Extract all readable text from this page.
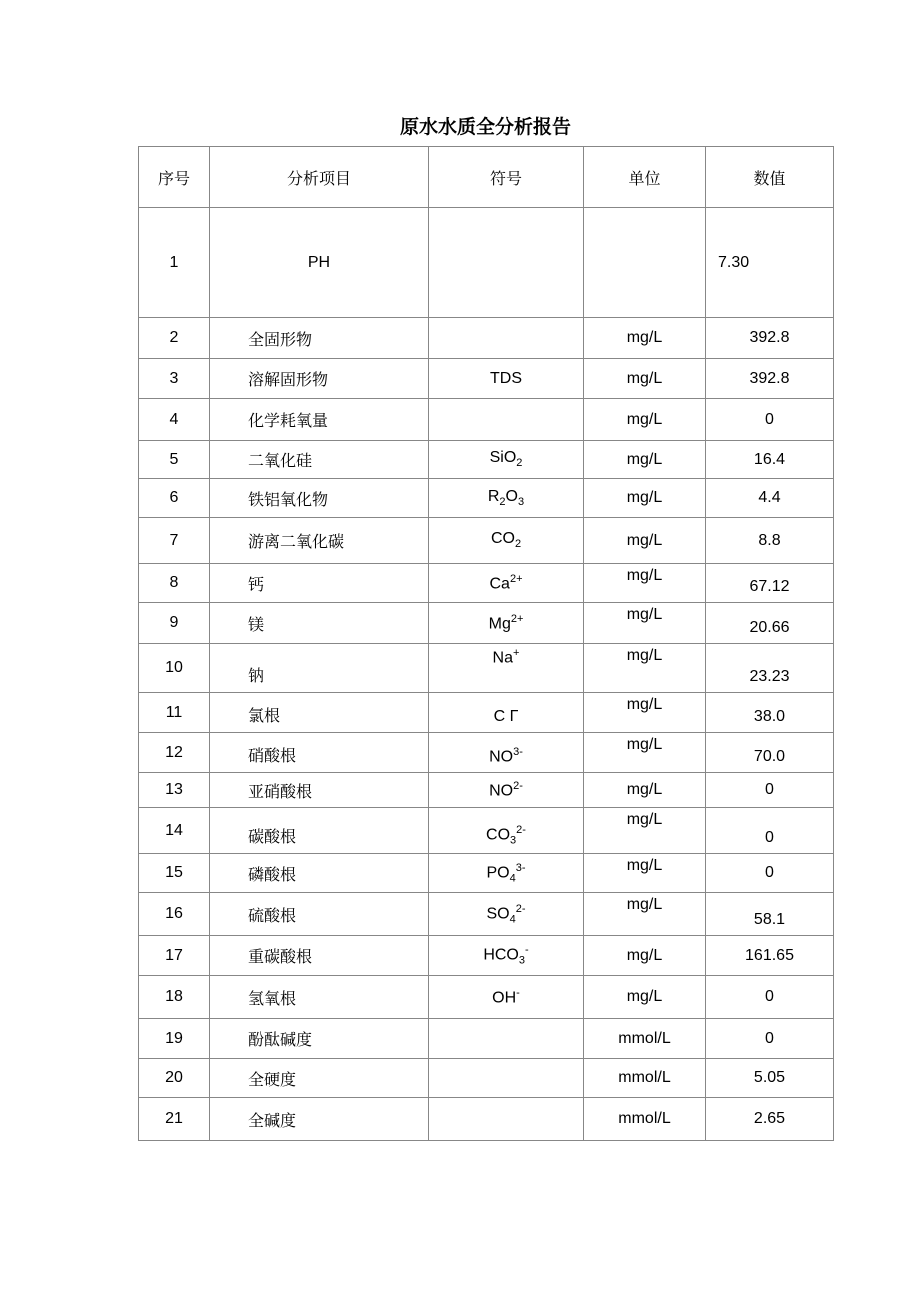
原水水质全分析报告
序号	分析项目	符号	单位	数值
1	PH			7.30
2	全固形物		mg/L	392.8
3	溶解固形物	TDS	mg/L	392.8
4	化学耗氧量		mg/L	0
5	二氧化硅	SiO$_2$	mg/L	16.4
6	铁铝氧化物	$R_2O_3$	mg/L	4.4
7	游离二氧化碳	$CO_2$	mg/L	8.8
8	钙	$Ca^{2+}$	mg/L	67.12
9	镁	$Mg^{2+}$	mg/L	20.66
10	钠	Na+	mg/L	23.23
11	氯根	C Γ	mg/L	38.0
12	硝酸根	$NO^{3-}$	mg/L	70.0
13	亚硝酸根	$NO^{2-}$	mg/L	0
14	碳酸根	$CO_3^{2-}$	mg/L	0
15	磷酸根	$PO_4^{3-}$	mg/L	0
16	硫酸根	$SO_4^{2-}$	mg/L	58.1
17	重碳酸根	$HCO_3^-$	mg/L	161.65
18	氢氧根	OH-	mg/L	0
19	酚酞碱度		mmol/L	0
20	全硬度		mmol/L	5.05
21	全碱度		mmol/L	2.65
